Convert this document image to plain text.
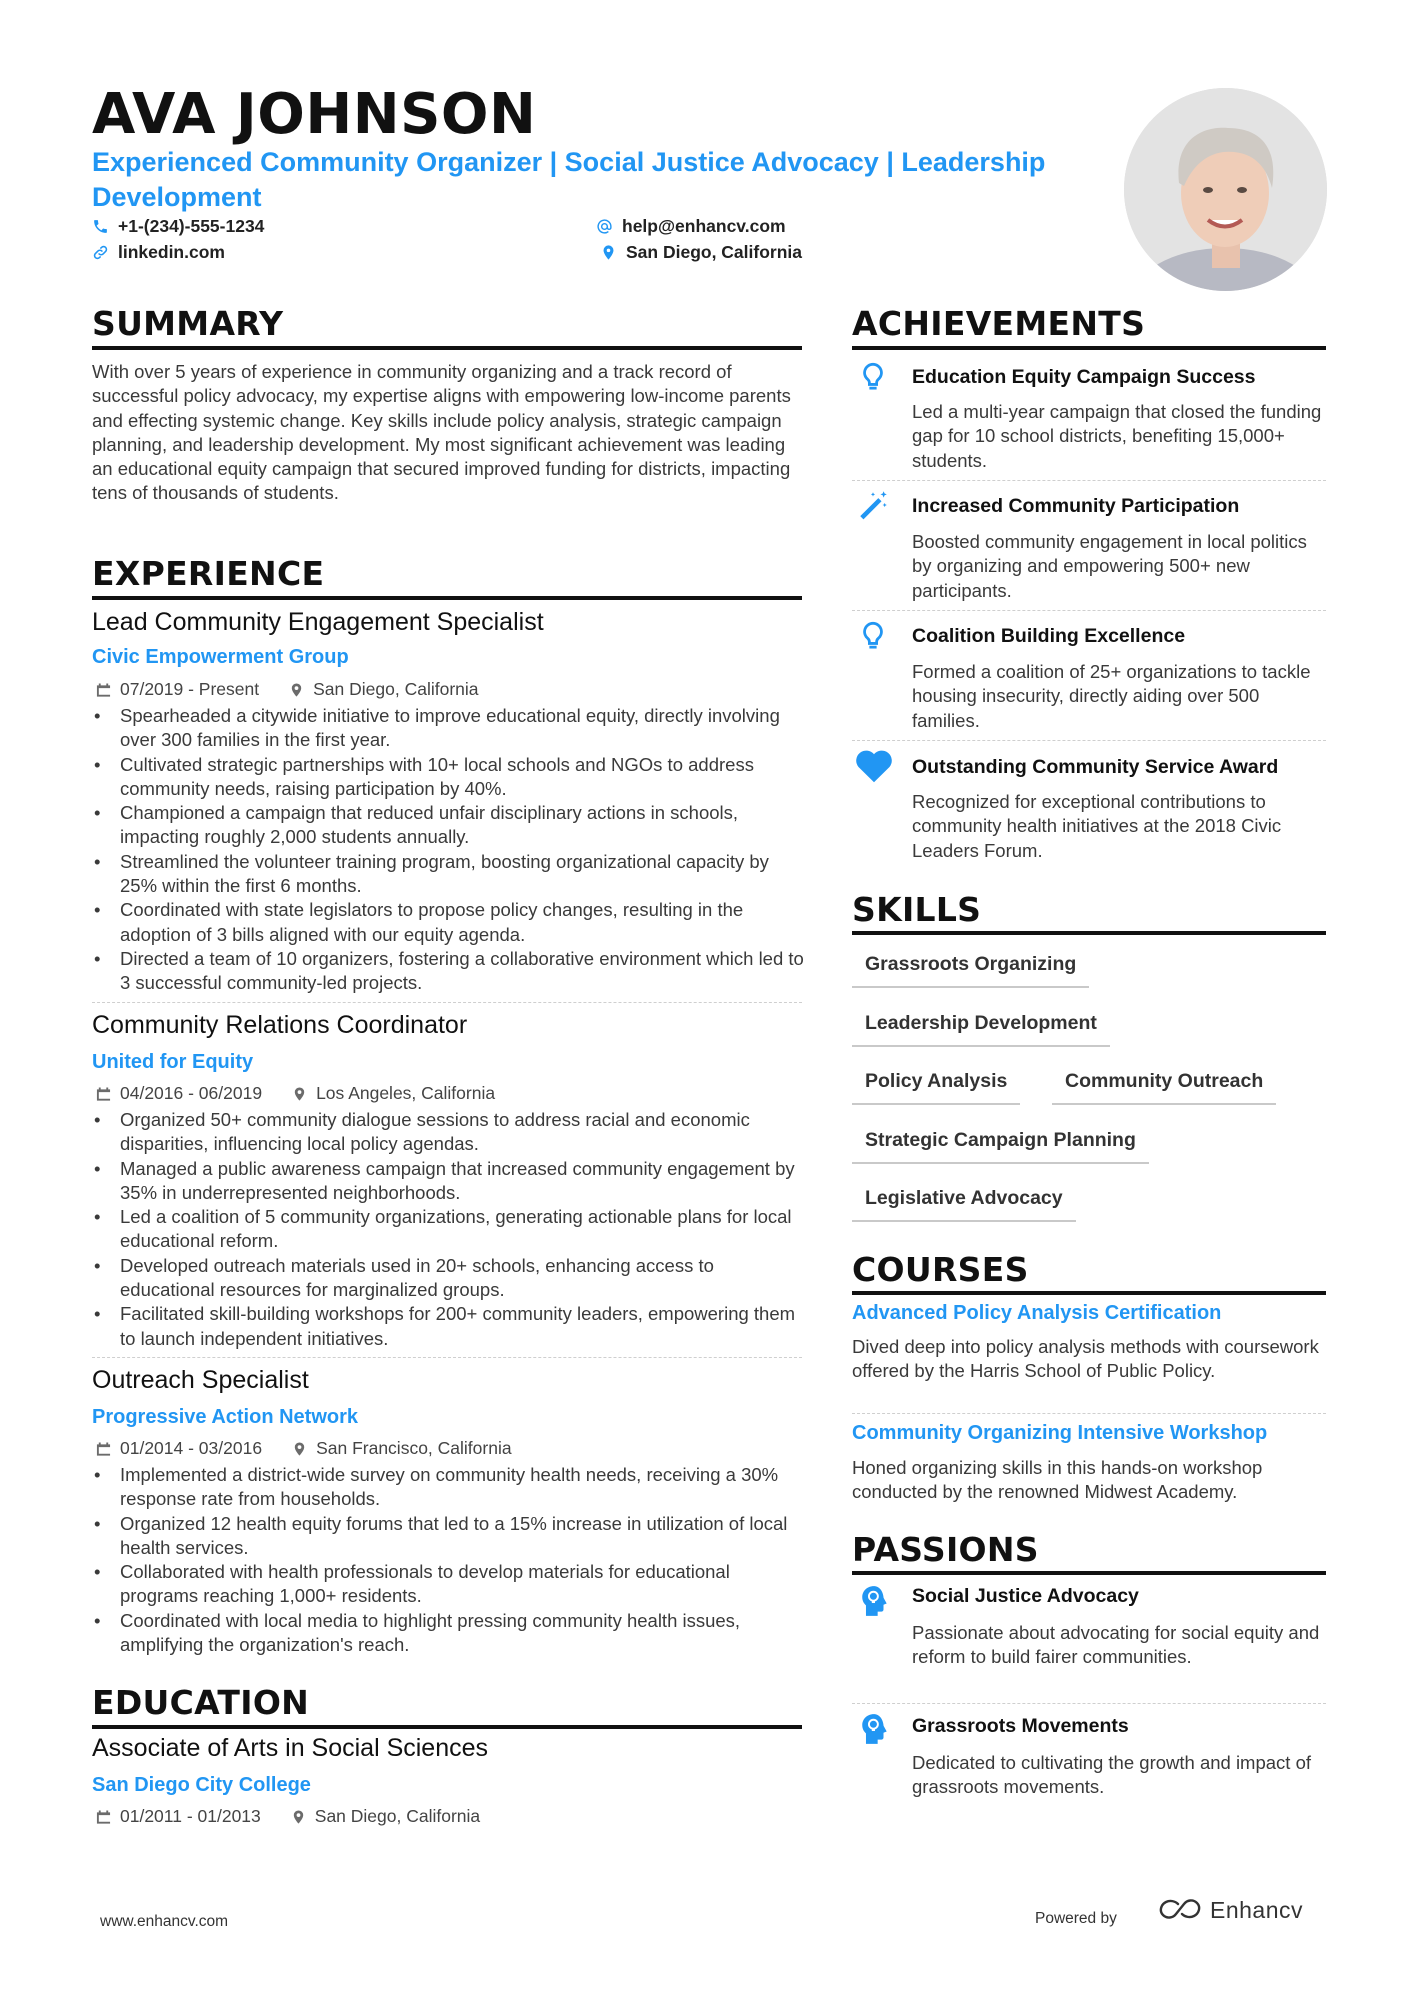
AVA JOHNSON
Experienced Community Organizer | Social Justice Advocacy | Leadership Development
+1-(234)-555-1234	help@enhancv.com
linkedin.com	San Diego, California
SUMMARY
With over 5 years of experience in community organizing and a track record of successful policy advocacy, my expertise aligns with empowering low-income parents and effecting systemic change. Key skills include policy analysis, strategic campaign planning, and leadership development. My most significant achievement was leading an educational equity campaign that secured improved funding for districts, impacting tens of thousands of students.
EXPERIENCE
Lead Community Engagement Specialist
Civic Empowerment Group
07/2019 - Present	San Diego, California
• Spearheaded a citywide initiative to improve educational equity, directly involving over 300 families in the first year.
• Cultivated strategic partnerships with 10+ local schools and NGOs to address community needs, raising participation by 40%.
• Championed a campaign that reduced unfair disciplinary actions in schools, impacting roughly 2,000 students annually.
• Streamlined the volunteer training program, boosting organizational capacity by 25% within the first 6 months.
• Coordinated with state legislators to propose policy changes, resulting in the adoption of 3 bills aligned with our equity agenda.
• Directed a team of 10 organizers, fostering a collaborative environment which led to 3 successful community-led projects.
Community Relations Coordinator
United for Equity
04/2016 - 06/2019	Los Angeles, California
• Organized 50+ community dialogue sessions to address racial and economic disparities, influencing local policy agendas.
• Managed a public awareness campaign that increased community engagement by 35% in underrepresented neighborhoods.
• Led a coalition of 5 community organizations, generating actionable plans for local educational reform.
• Developed outreach materials used in 20+ schools, enhancing access to educational resources for marginalized groups.
• Facilitated skill-building workshops for 200+ community leaders, empowering them to launch independent initiatives.
Outreach Specialist
Progressive Action Network
01/2014 - 03/2016	San Francisco, California
• Implemented a district-wide survey on community health needs, receiving a 30% response rate from households.
• Organized 12 health equity forums that led to a 15% increase in utilization of local health services.
• Collaborated with health professionals to develop materials for educational programs reaching 1,000+ residents.
• Coordinated with local media to highlight pressing community health issues, amplifying the organization's reach.
EDUCATION
Associate of Arts in Social Sciences
San Diego City College
01/2011 - 01/2013	San Diego, California
ACHIEVEMENTS
Education Equity Campaign Success
Led a multi-year campaign that closed the funding gap for 10 school districts, benefiting 15,000+ students.
Increased Community Participation
Boosted community engagement in local politics by organizing and empowering 500+ new participants.
Coalition Building Excellence
Formed a coalition of 25+ organizations to tackle housing insecurity, directly aiding over 500 families.
Outstanding Community Service Award
Recognized for exceptional contributions to community health initiatives at the 2018 Civic Leaders Forum.
SKILLS
Grassroots Organizing
Leadership Development
Policy Analysis	Community Outreach
Strategic Campaign Planning
Legislative Advocacy
COURSES
Advanced Policy Analysis Certification
Dived deep into policy analysis methods with coursework offered by the Harris School of Public Policy.
Community Organizing Intensive Workshop
Honed organizing skills in this hands-on workshop conducted by the renowned Midwest Academy.
PASSIONS
Social Justice Advocacy
Passionate about advocating for social equity and reform to build fairer communities.
Grassroots Movements
Dedicated to cultivating the growth and impact of grassroots movements.
www.enhancv.com	Powered by	Enhancv
